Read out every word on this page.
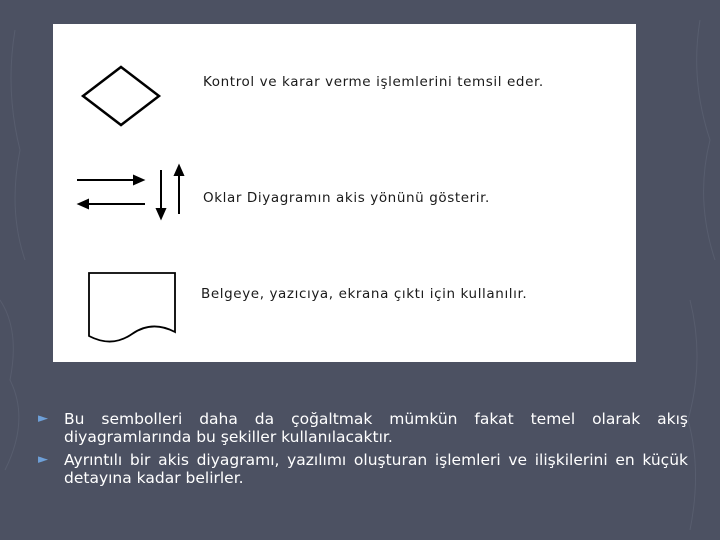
Kontrol ve karar verme işlemlerini temsil eder.
Oklar Diyagramın akis yönünü gösterir.
Belgeye, yazıcıya, ekrana çıktı için kullanılır.
► Bu sembolleri daha da çoğaltmak mümkün fakat temel olarak akış diyagramlarında bu şekiller kullanılacaktır.
► Ayrıntılı bir akis diyagramı, yazılımı oluşturan işlemleri ve ilişkilerini en küçük detayına kadar belirler.
